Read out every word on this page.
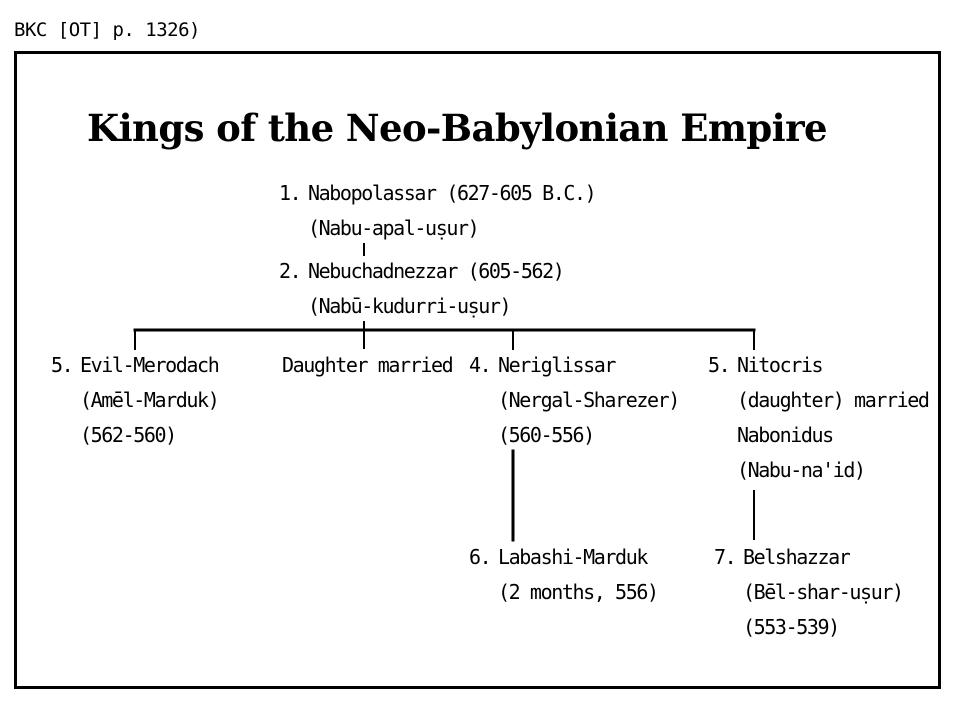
BKC [OT] p. 1326)
Kings of the Neo-Babylonian Empire
1. Nabopolassar (627-605 B.C.)
(Nabu-apal-uṣur)
2. Nebuchadnezzar (605-562)
(Nabū-kudurri-uṣur)
5. Evil-Merodach
(Amēl-Marduk)
(562-560)
Daughter married 4. Neriglissar
(Nergal-Sharezer)
(560-556)
5. Nitocris
(daughter) married
Nabonidus
(Nabu-na'id)
6. Labashi-Marduk
(2 months, 556)
7. Belshazzar
(Bēl-shar-uṣur)
(553-539)
